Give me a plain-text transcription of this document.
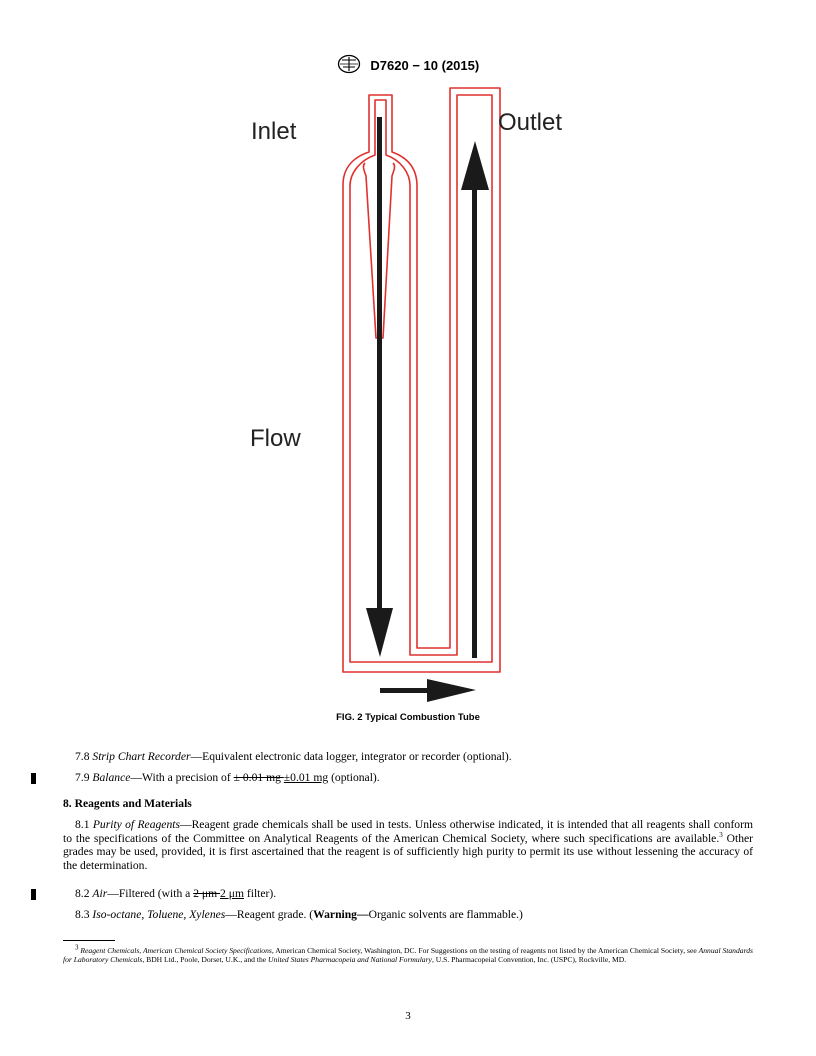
D7620 − 10 (2015)
Inlet	Outlet
Flow
FIG. 2 Typical Combustion Tube
7.8 Strip Chart Recorder—Equivalent electronic data logger, integrator or recorder (optional).
7.9 Balance—With a precision of ± 0.01 mg ±0.01 mg (optional).
8. Reagents and Materials
8.1 Purity of Reagents—Reagent grade chemicals shall be used in tests. Unless otherwise indicated, it is intended that all reagents shall conform to the specifications of the Committee on Analytical Reagents of the American Chemical Society, where such specifications are available.$^3$ Other grades may be used, provided, it is first ascertained that the reagent is of sufficiently high purity to permit its use without lessening the accuracy of the determination.
8.2 Air—Filtered (with a 2 μm 2 μm filter).
8.3 Iso-octane, Toluene, Xylenes—Reagent grade. (Warning—Organic solvents are flammable.)
$^3$ Reagent Chemicals, American Chemical Society Specifications, American Chemical Society, Washington, DC. For Suggestions on the testing of reagents not listed by the American Chemical Society, see Annual Standards for Laboratory Chemicals, BDH Ltd., Poole, Dorset, U.K., and the United States Pharmacopeia and National Formulary, U.S. Pharmacopeial Convention, Inc. (USPC), Rockville, MD.
3
